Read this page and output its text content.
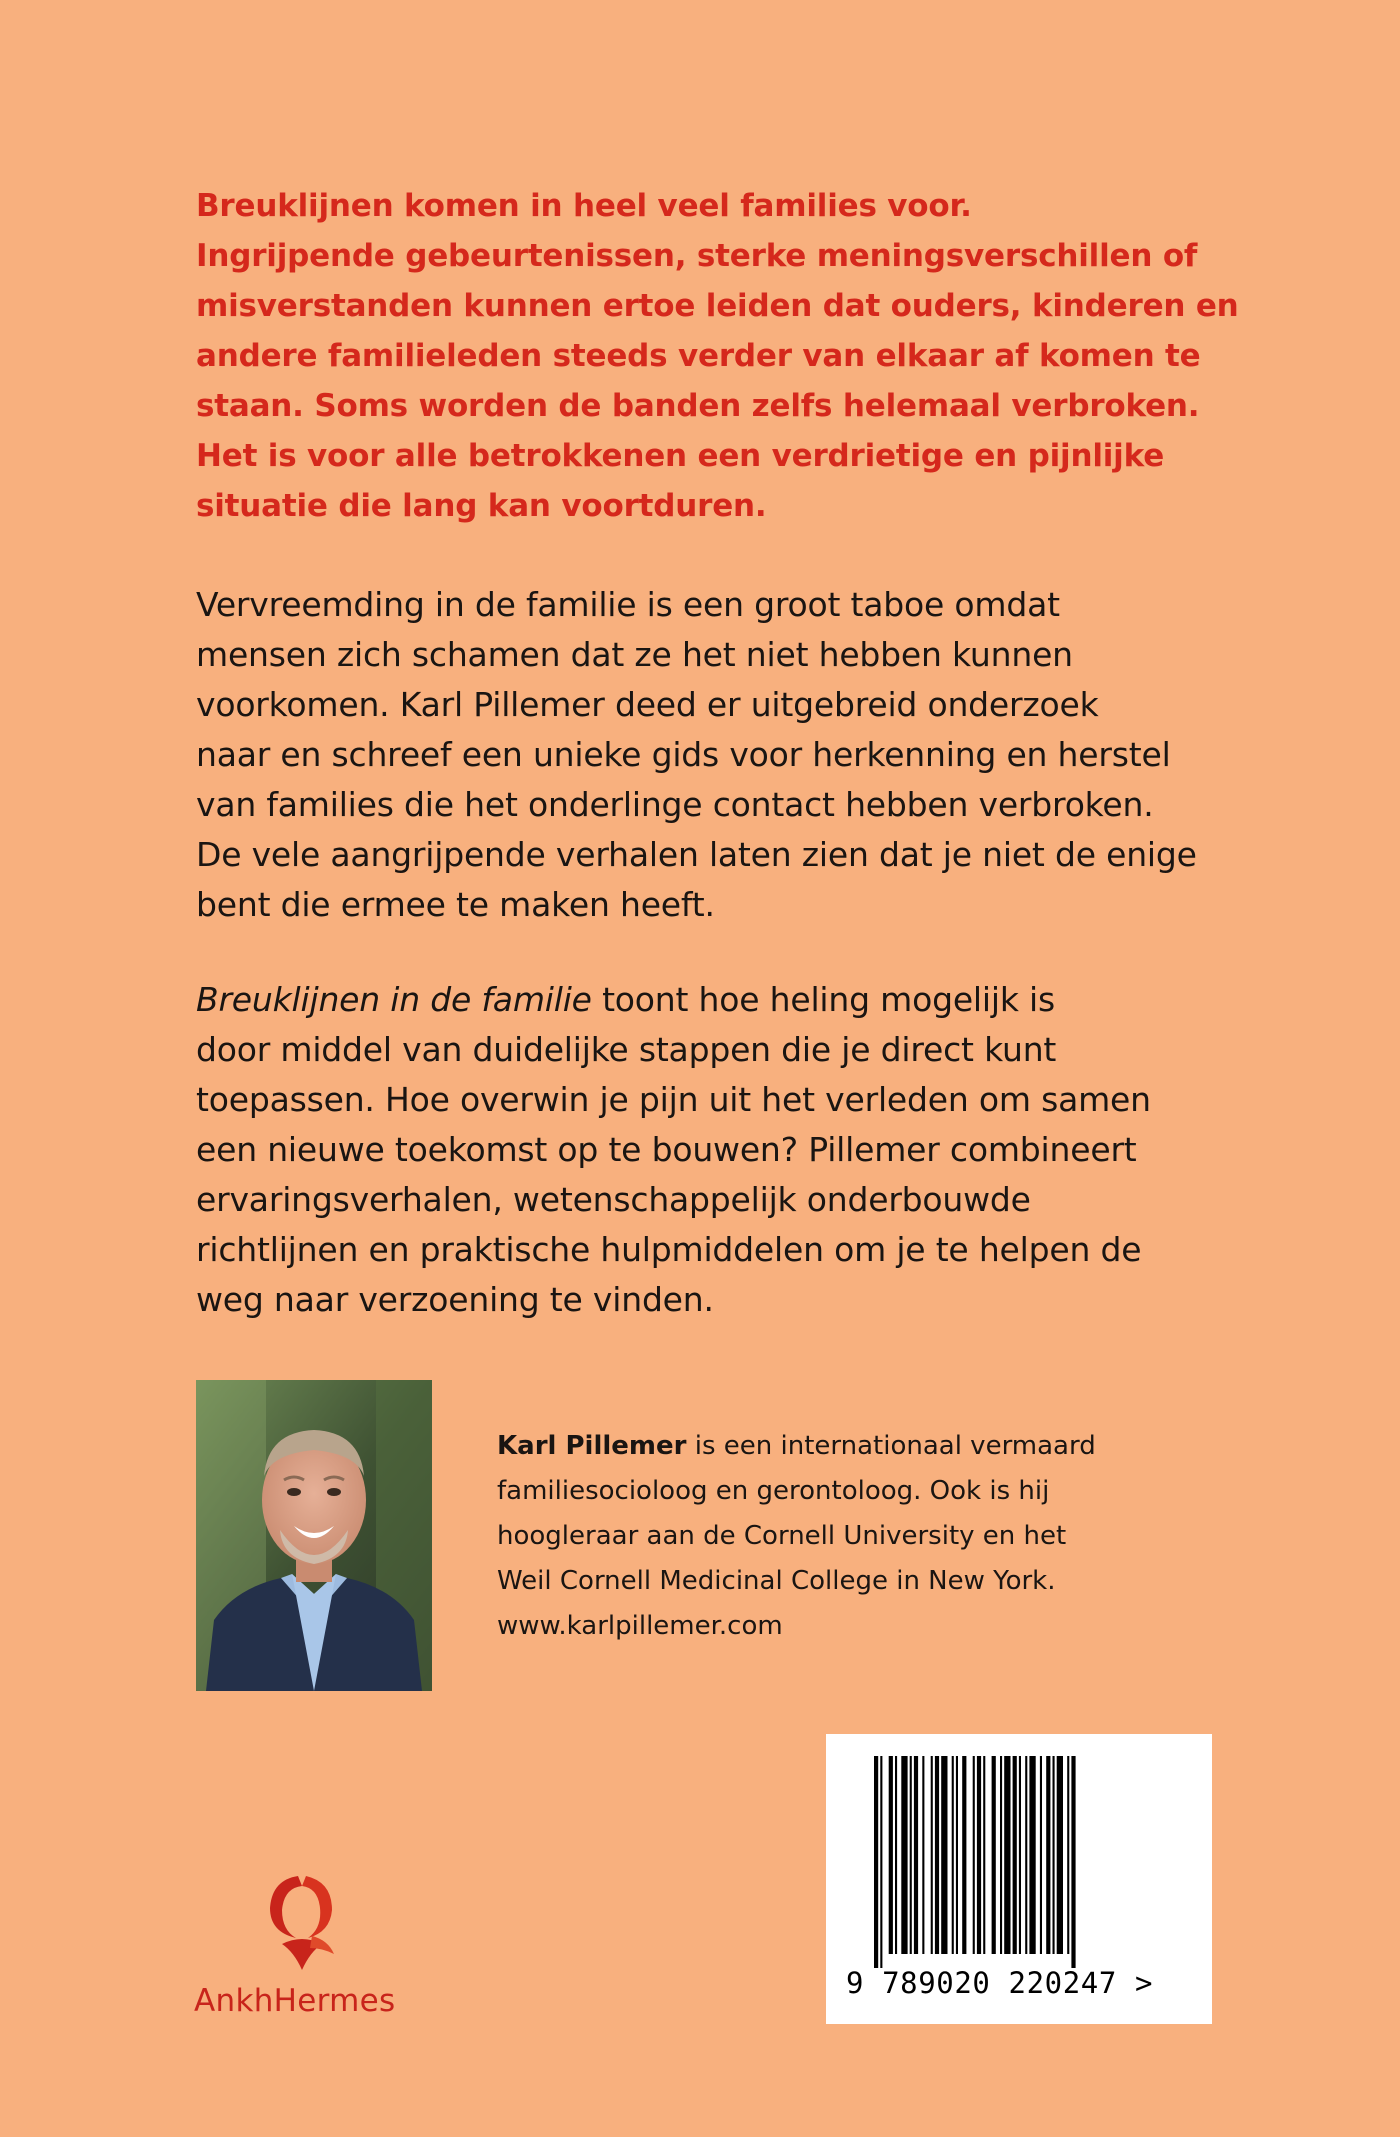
Breuklijnen komen in heel veel families voor.
Ingrijpende gebeurtenissen, sterke meningsverschillen of
misverstanden kunnen ertoe leiden dat ouders, kinderen en
andere familieleden steeds verder van elkaar af komen te
staan. Soms worden de banden zelfs helemaal verbroken.
Het is voor alle betrokkenen een verdrietige en pijnlijke
situatie die lang kan voortduren.

Vervreemding in de familie is een groot taboe omdat
mensen zich schamen dat ze het niet hebben kunnen
voorkomen. Karl Pillemer deed er uitgebreid onderzoek
naar en schreef een unieke gids voor herkenning en herstel
van families die het onderlinge contact hebben verbroken.
De vele aangrijpende verhalen laten zien dat je niet de enige
bent die ermee te maken heeft.

Breuklijnen in de familie toont hoe heling mogelijk is
door middel van duidelijke stappen die je direct kunt
toepassen. Hoe overwin je pijn uit het verleden om samen
een nieuwe toekomst op te bouwen? Pillemer combineert
ervaringsverhalen, wetenschappelijk onderbouwde
richtlijnen en praktische hulpmiddelen om je te helpen de
weg naar verzoening te vinden.

Karl Pillemer is een internationaal vermaard
familiesocioloog en gerontoloog. Ook is hij
hoogleraar aan de Cornell University en het
Weil Cornell Medicinal College in New York.
www.karlpillemer.com

9 789020 220247 >
AnkhHermes
